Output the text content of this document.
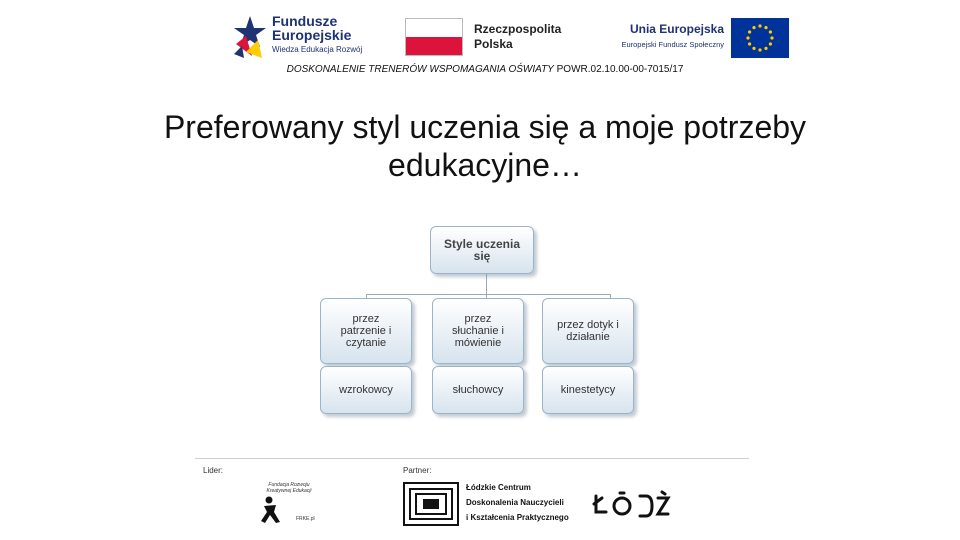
Fundusze
Europejskie
Wiedza Edukacja Rozwój
Rzeczpospolita
Polska
Unia Europejska
Europejski Fundusz Społeczny
DOSKONALENIE TRENERÓW WSPOMAGANIA OŚWIATY POWR.02.10.00-00-7015/17
Preferowany styl uczenia się a moje potrzeby
edukacyjne…
Style uczenia
się
przez
patrzenie i
czytanie
przez
słuchanie i
mówienie
przez dotyk i
działanie
wzrokowcy	słuchowcy	kinestetycy
Lider:	Partner:
Fundacja Rozwoju Kreatywnej Edukacji
FRKE.pl
Łódzkie Centrum
Doskonalenia Nauczycieli
i Kształcenia Praktycznego
